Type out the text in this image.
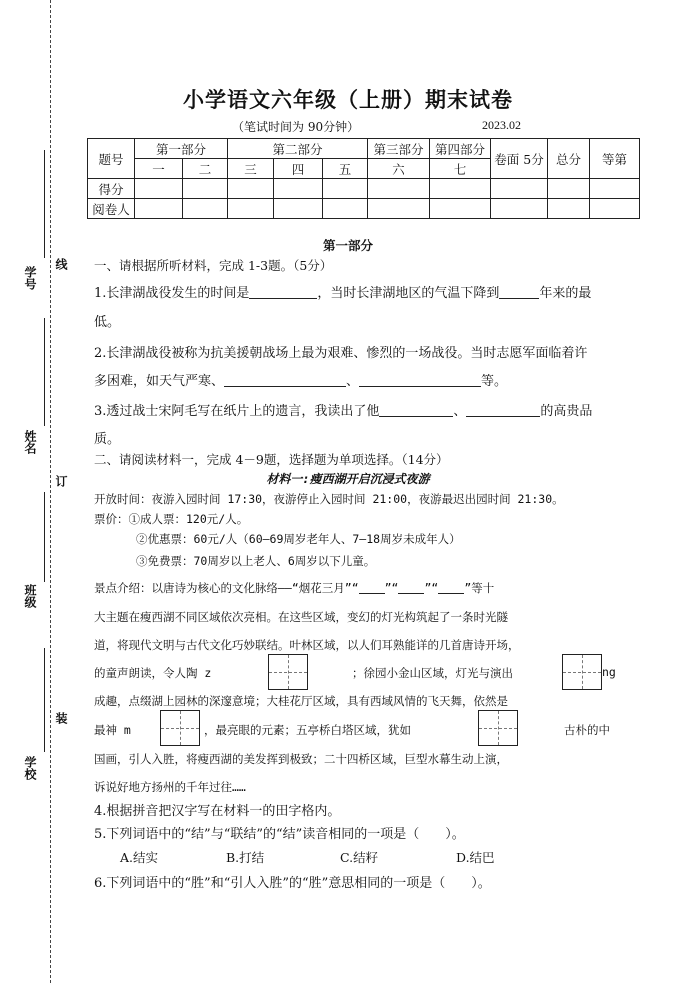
学号
线
姓名
订
班级
装
学校
小学语文六年级（上册）期末试卷
（笔试时间为 90分钟）	2023.02
题号	第一部分		第二部分			第三部分	第四部分	卷面 5分	总分	等第
	一	二	三	四	五	六	七			
得分										
阅卷人										
第一部分
一、请根据所听材料，完成 1-3题。（5分）
1.长津湖战役发生的时间是	，当时长津湖地区的气温下降到	年来的最
低。
2.长津湖战役被称为抗美援朝战场上最为艰难、惨烈的一场战役。当时志愿军面临着许
多困难，如天气严寒、	、	等。
3.透过战士宋阿毛写在纸片上的遗言，我读出了他	、	的高贵品
质。
二、请阅读材料一，完成 4－9题，选择题为单项选择。（14分）
材料一:瘦西湖开启沉浸式夜游
开放时间：夜游入园时间 17:30，夜游停止入园时间 21:00，夜游最迟出园时间 21:30。
票价：①成人票：120元/人。
②优惠票：60元/人（60—69周岁老年人、7—18周岁未成年人）
③免费票：70周岁以上老人、6周岁以下儿童。
景点介绍：以唐诗为核心的文化脉络——“烟花三月”“ ”“ ”“ ”等十
大主题在瘦西湖不同区域依次亮相。在这些区域，变幻的灯光构筑起了一条时光隧
道，将现代文明与古代文化巧妙联结。叶林区域，以人们耳熟能详的几首唐诗开场，
的童声朗读，令人陶 z	；徐园小金山区域，灯光与演出	ng
成趣，点缀湖上园林的深邃意境；大桂花厅区域，具有西域风情的飞天舞，依然是
最神 m	，最亮眼的元素；五亭桥白塔区域，犹如	古朴的中
国画，引人入胜，将瘦西湖的美发挥到极致；二十四桥区域，巨型水幕生动上演，
诉说好地方扬州的千年过往……
4.根据拼音把汉字写在材料一的田字格内。
5.下列词语中的“结”与“联结”的“结”读音相同的一项是（　　）。
A.结实	B.打结	C.结籽	D.结巴
6.下列词语中的“胜”和“引人入胜”的“胜”意思相同的一项是（　　）。
